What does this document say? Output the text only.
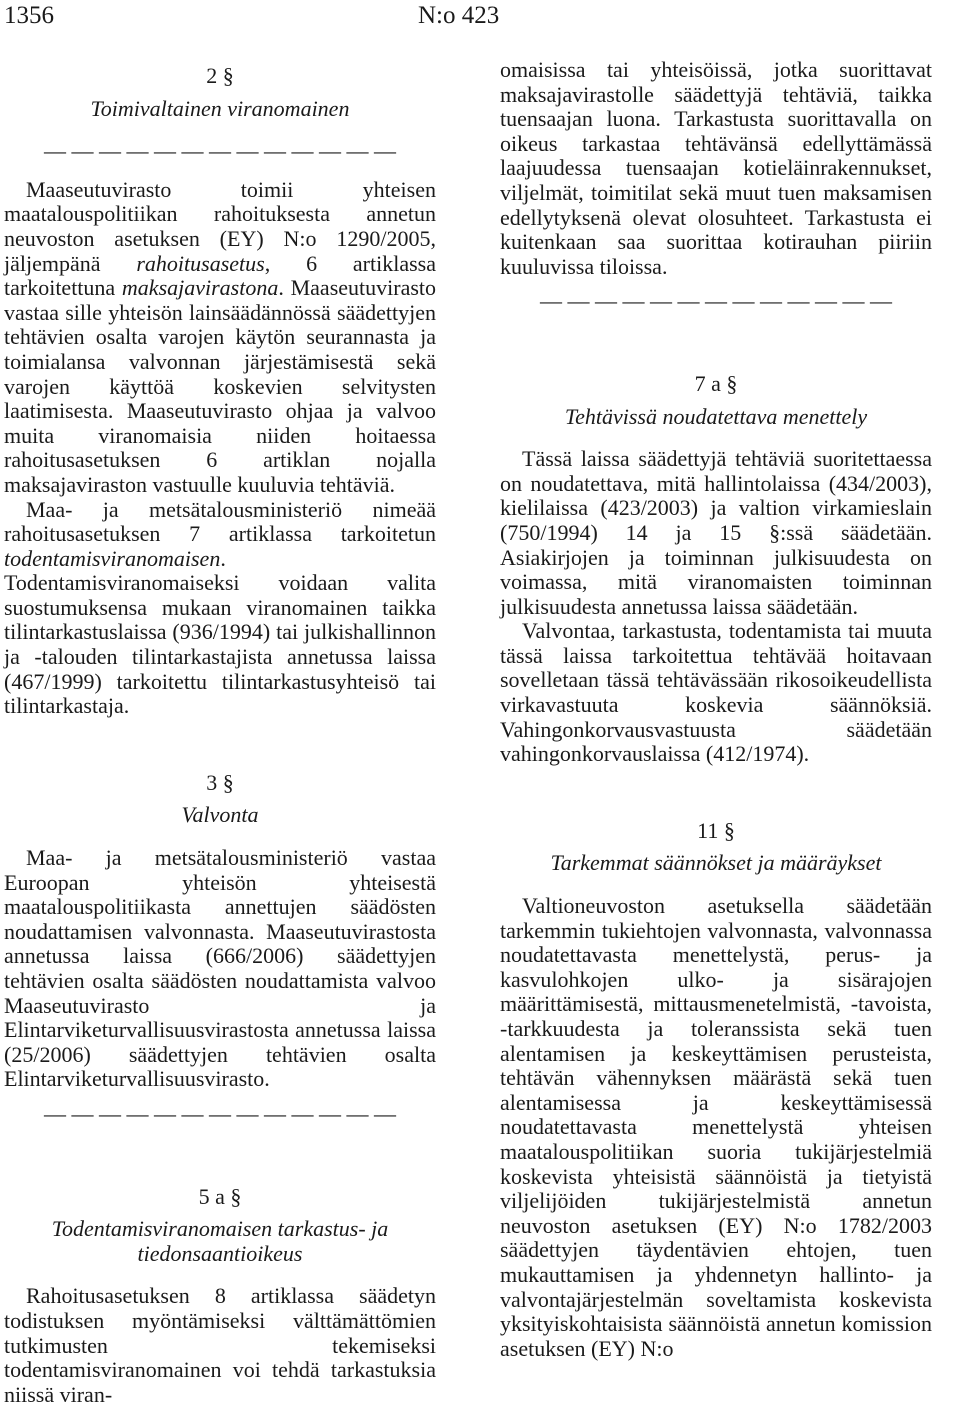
1356	N:o 423
2 §
Toimivaltainen viranomainen
— — — — — — — — — — — — —

Maaseutuvirasto toimii yhteisen maatalouspolitiikan rahoituksesta annetun neuvoston asetuksen (EY) N:o 1290/2005, jäljempänä rahoitusasetus, 6 artiklassa tarkoitettuna maksajavirastona. Maaseutuvirasto vastaa sille yhteisön lainsäädännössä säädettyjen tehtävien osalta varojen käytön seurannasta ja toimialansa valvonnan järjestämisestä sekä varojen käyttöä koskevien selvitysten laatimisesta. Maaseutuvirasto ohjaa ja valvoo muita viranomaisia niiden hoitaessa rahoitusasetuksen 6 artiklan nojalla maksajaviraston vastuulle kuuluvia tehtäviä.

Maa- ja metsätalousministeriö nimeää rahoitusasetuksen 7 artiklassa tarkoitetun todentamisviranomaisen. Todentamisviranomaiseksi voidaan valita suostumuksensa mukaan viranomainen taikka tilintarkastuslaissa (936/1994) tai julkishallinnon ja -talouden tilintarkastajista annetussa laissa (467/1999) tarkoitettu tilintarkastusyhteisö tai tilintarkastaja.

3 §
Valvonta

Maa- ja metsätalousministeriö vastaa Euroopan yhteisön yhteisestä maatalouspolitiikasta annettujen säädösten noudattamisen valvonnasta. Maaseutuvirastosta annetussa laissa (666/2006) säädettyjen tehtävien osalta säädösten noudattamista valvoo Maaseutuvirasto ja Elintarviketurvallisuusvirastosta annetussa laissa (25/2006) säädettyjen tehtävien osalta Elintarviketurvallisuusvirasto.

— — — — — — — — — — — — —
5 a §
Todentamisviranomaisen tarkastus- ja tiedonsaantioikeus

Rahoitusasetuksen 8 artiklassa säädetyn todistuksen myöntämiseksi välttämättömien tutkimusten tekemiseksi todentamisviranomainen voi tehdä tarkastuksia niissä viran-

omaisissa tai yhteisöissä, jotka suorittavat maksajavirastolle säädettyjä tehtäviä, taikka tuensaajan luona. Tarkastusta suorittavalla on oikeus tarkastaa tehtävänsä edellyttämässä laajuudessa tuensaajan kotieläinrakennukset, viljelmät, toimitilat sekä muut tuen maksamisen edellytyksenä olevat olosuhteet. Tarkastusta ei kuitenkaan saa suorittaa kotirauhan piiriin kuuluvissa tiloissa.

— — — — — — — — — — — — —
7 a §
Tehtävissä noudatettava menettely

Tässä laissa säädettyjä tehtäviä suoritettaessa on noudatettava, mitä hallintolaissa (434/2003), kielilaissa (423/2003) ja valtion virkamieslain (750/1994) 14 ja 15 §:ssä säädetään. Asiakirjojen ja toiminnan julkisuudesta on voimassa, mitä viranomaisten toiminnan julkisuudesta annetussa laissa säädetään.

Valvontaa, tarkastusta, todentamista tai muuta tässä laissa tarkoitettua tehtävää hoitavaan sovelletaan tässä tehtävässään rikosoikeudellista virkavastuuta koskevia säännöksiä. Vahingonkorvausvastuusta säädetään vahingonkorvauslaissa (412/1974).

11 §
Tarkemmat säännökset ja määräykset

Valtioneuvoston asetuksella säädetään tarkemmin tukiehtojen valvonnasta, valvonnassa noudatettavasta menettelystä, perus- ja kasvulohkojen ulko- ja sisärajojen määrittämisestä, mittausmenetelmistä, -tavoista, -tarkkuudesta ja toleranssista sekä tuen alentamisen ja keskeyttämisen perusteista, tehtävän vähennyksen määrästä sekä tuen alentamisessa ja keskeyttämisessä noudatettavasta menettelystä yhteisen maatalouspolitiikan suoria tukijärjestelmiä koskevista yhteisistä säännöistä ja tietyistä viljelijöiden tukijärjestelmistä annetun neuvoston asetuksen (EY) N:o 1782/2003 säädettyjen täydentävien ehtojen, tuen mukauttamisen ja yhdennetyn hallinto- ja valvontajärjestelmän soveltamista koskevista yksityiskohtaisista säännöistä annetun komission asetuksen (EY) N:o
